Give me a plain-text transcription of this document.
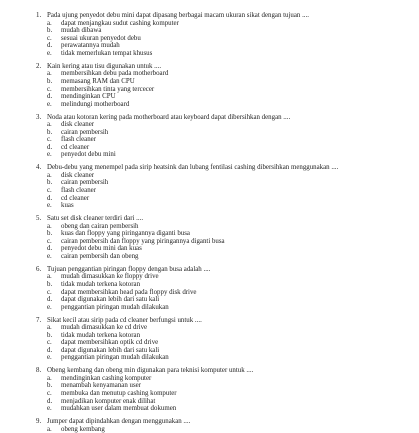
1. Pada ujung penyedot debu mini dapat dipasang berbagai macam ukuran sikat dengan tujuan ....
a.	dapat menjangkau sudut cashing komputer
b.	mudah dibawa
c.	sesuai ukuran penyedot debu
d.	perawatannya mudah
e.	tidak memerlukan tempat khusus
2. Kain kering atau tisu digunakan untuk ....
a.	membersihkan debu pada motherboard
b.	memasang RAM dan CPU
c.	membersihkan tinta yang tercecer
d.	mendinginkan CPU
e.	melindungi motherboard
3. Noda atau kotoran kering pada motherboard atau keyboard dapat dibersihkan dengan ....
a.	disk cleaner
b.	cairan pembersih
c.	flash cleaner
d.	cd cleaner
e.	penyedot debu mini
4. Debu-debu yang menempel pada sirip heatsink dan lubang fentilasi cashing dibersihkan menggunakan ....
a.	disk cleaner
b.	cairan pembersih
c.	flash cleaner
d.	cd cleaner
e.	kuas
5. Satu set disk cleaner terdiri dari ....
a.	obeng dan cairan pembersih
b.	kuas dan floppy yang piringannya diganti busa
c.	cairan pembersih dan floppy yang piringannya diganti busa
d.	penyedot debu mini dan kuas
e.	cairan pembersih dan obeng
6. Tujuan penggantian piringan floppy dengan busa adalah ....
a.	mudah dimasukkan ke floppy drive
b.	tidak mudah terkena kotoran
c.	dapat membersihkan head pada floppy disk drive
d.	dapat digunakan lebih dari satu kali
e.	penggantian piringan mudah dilakukan
7. Sikat kecil atau sirip pada cd cleaner berfungsi untuk ....
a.	mudah dimasukkan ke cd drive
b.	tidak mudah terkena kotoran
c.	dapat membersihkan optik cd drive
d.	dapat digunakan lebih dari satu kali
e.	penggantian piringan mudah dilakukan
8. Obeng kembang dan obeng min digunakan para teknisi komputer untuk ....
a.	mendinginkan cashing komputer
b.	menambah kenyamanan user
c.	membuka dan menutup cashing komputer
d.	menjadikan komputer enak dilihat
e.	mudahkan user dalam membuat dokumen
9. Jumper dapat dipindahkan dengan menggunakan ....
a.	obeng kembang
